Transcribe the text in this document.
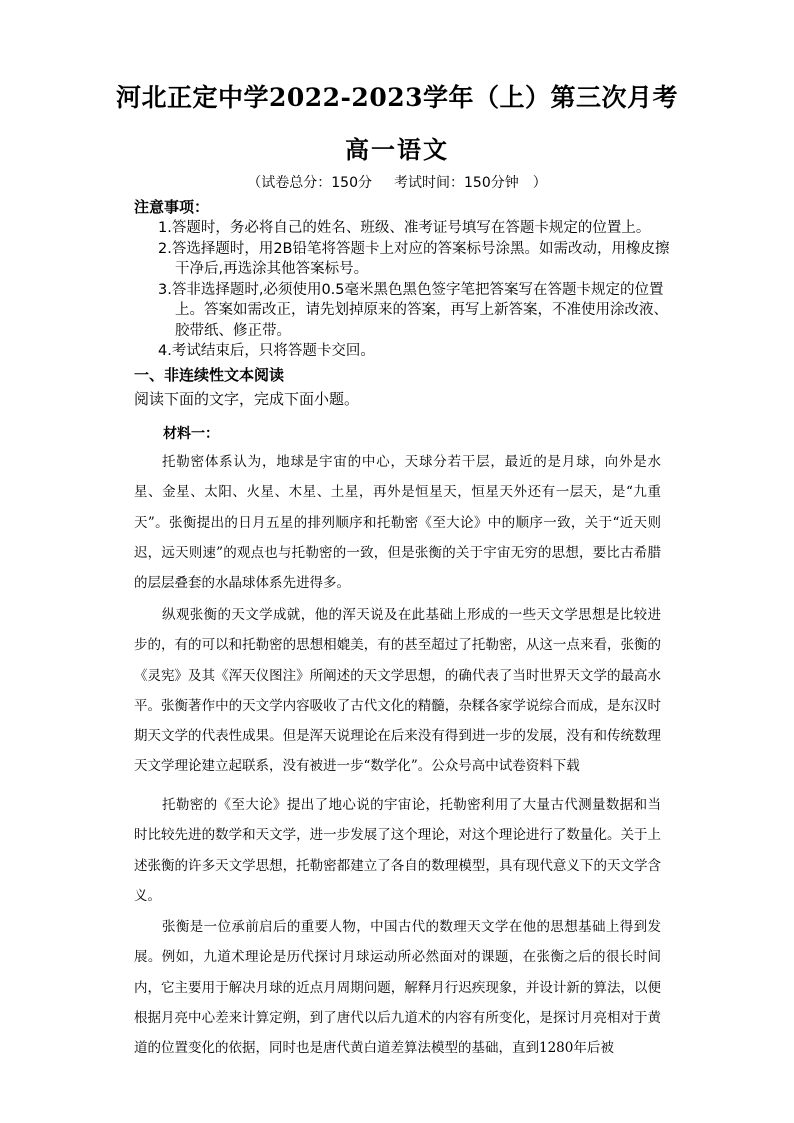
河北正定中学2022-2023学年（上）第三次月考
高一语文
（试卷总分：150分 考试时间：150分钟　）
注意事项：

1.答题时，务必将自己的姓名、班级、准考证号填写在答题卡规定的位置上。

2.答选择题时，用2B铅笔将答题卡上对应的答案标号涂黑。如需改动，用橡皮擦干净后,再选涂其他答案标号。

3.答非选择题时,必须使用0.5毫米黑色黑色签字笔把答案写在答题卡规定的位置上。答案如需改正，请先划掉原来的答案，再写上新答案，不准使用涂改液、胶带纸、修正带。

4.考试结束后，只将答题卡交回。

一、非连续性文本阅读
阅读下面的文字，完成下面小题。
材料一：

托勒密体系认为，地球是宇宙的中心，天球分若干层，最近的是月球，向外是水星、金星、太阳、火星、木星、土星，再外是恒星天，恒星天外还有一层天，是“九重天”。张衡提出的日月五星的排列顺序和托勒密《至大论》中的顺序一致，关于“近天则迟，远天则速”的观点也与托勒密的一致，但是张衡的关于宇宙无穷的思想，要比古希腊的层层叠套的水晶球体系先进得多。

纵观张衡的天文学成就，他的浑天说及在此基础上形成的一些天文学思想是比较进步的，有的可以和托勒密的思想相媲美，有的甚至超过了托勒密，从这一点来看，张衡的《灵宪》及其《浑天仪图注》所阐述的天文学思想，的确代表了当时世界天文学的最高水平。张衡著作中的天文学内容吸收了古代文化的精髓，杂糅各家学说综合而成，是东汉时期天文学的代表性成果。但是浑天说理论在后来没有得到进一步的发展，没有和传统数理天文学理论建立起联系，没有被进一步“数学化”。公众号高中试卷资料下载

托勒密的《至大论》提出了地心说的宇宙论，托勒密利用了大量古代测量数据和当时比较先进的数学和天文学，进一步发展了这个理论，对这个理论进行了数量化。关于上述张衡的许多天文学思想，托勒密都建立了各自的数理模型，具有现代意义下的天文学含义。

张衡是一位承前启后的重要人物，中国古代的数理天文学在他的思想基础上得到发展。例如，九道术理论是历代探讨月球运动所必然面对的课题，在张衡之后的很长时间内，它主要用于解决月球的近点月周期问题，解释月行迟疾现象，并设计新的算法，以便根据月亮中心差来计算定朔，到了唐代以后九道术的内容有所变化，是探讨月亮相对于黄道的位置变化的依据，同时也是唐代黄白道差算法模型的基础，直到1280年后被
